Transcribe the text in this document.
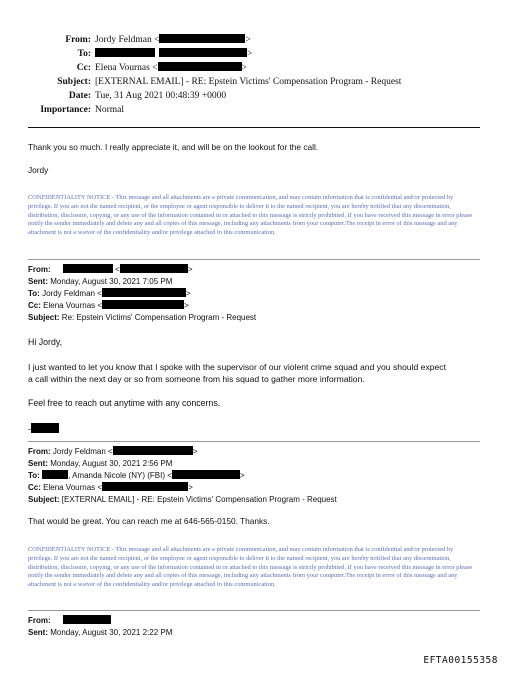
From: Jordy Feldman <	>
To:	>
Cc: Elena Vournas <	>
Subject: [EXTERNAL EMAIL] - RE: Epstein Victims' Compensation Program - Request
Date: Tue, 31 Aug 2021 00:48:39 +0000
Importance: Normal
Thank you so much. I really appreciate it, and will be on the lookout for the call.
Jordy
CONFIDENTIALITY NOTICE - This message and all attachments are a private communication, and may contain information that is confidential and/or protected by privilege. If you are not the named recipient, or the employee or agent responsible to deliver it to the named recipient, you are hereby notified that any dissemination, distribution, disclosure, copying, or any use of the information contained in or attached to this message is strictly prohibited. If you have received this message in error please notify the sender immediately and delete any and all copies of this message, including any attachments from your computer.The receipt in error of this message and any attachment is not a waiver of the confidentiality and/or privilege attached to this communication.
From:	<	>
Sent: Monday, August 30, 2021 7:05 PM
To: Jordy Feldman <	>
Cc: Elena Vournas <	>
Subject: Re: Epstein Victims' Compensation Program - Request
Hi Jordy,
I just wanted to let you know that I spoke with the supervisor of our violent crime squad and you should expect
a call within the next day or so from someone from his squad to gather more information.
Feel free to reach out anytime with any concerns.
-
From: Jordy Feldman <	>
Sent: Monday, August 30, 2021 2:56 PM
To:	, Amanda Nicole (NY) (FBI) <	>
Cc: Elena Vournas <	>
Subject: [EXTERNAL EMAIL] - RE: Epstein Victims' Compensation Program - Request
That would be great. You can reach me at 646-565-0150. Thanks.
CONFIDENTIALITY NOTICE - This message and all attachments are a private communication, and may contain information that is confidential and/or protected by privilege. If you are not the named recipient, or the employee or agent responsible to deliver it to the named recipient, you are hereby notified that any dissemination, distribution, disclosure, copying, or any use of the information contained in or attached to this message is strictly prohibited. If you have received this message in error please notify the sender immediately and delete any and all copies of this message, including any attachments from your computer.The receipt in error of this message and any attachment is not a waiver of the confidentiality and/or privilege attached to this communication.
From:
Sent: Monday, August 30, 2021 2:22 PM
EFTA00155358
